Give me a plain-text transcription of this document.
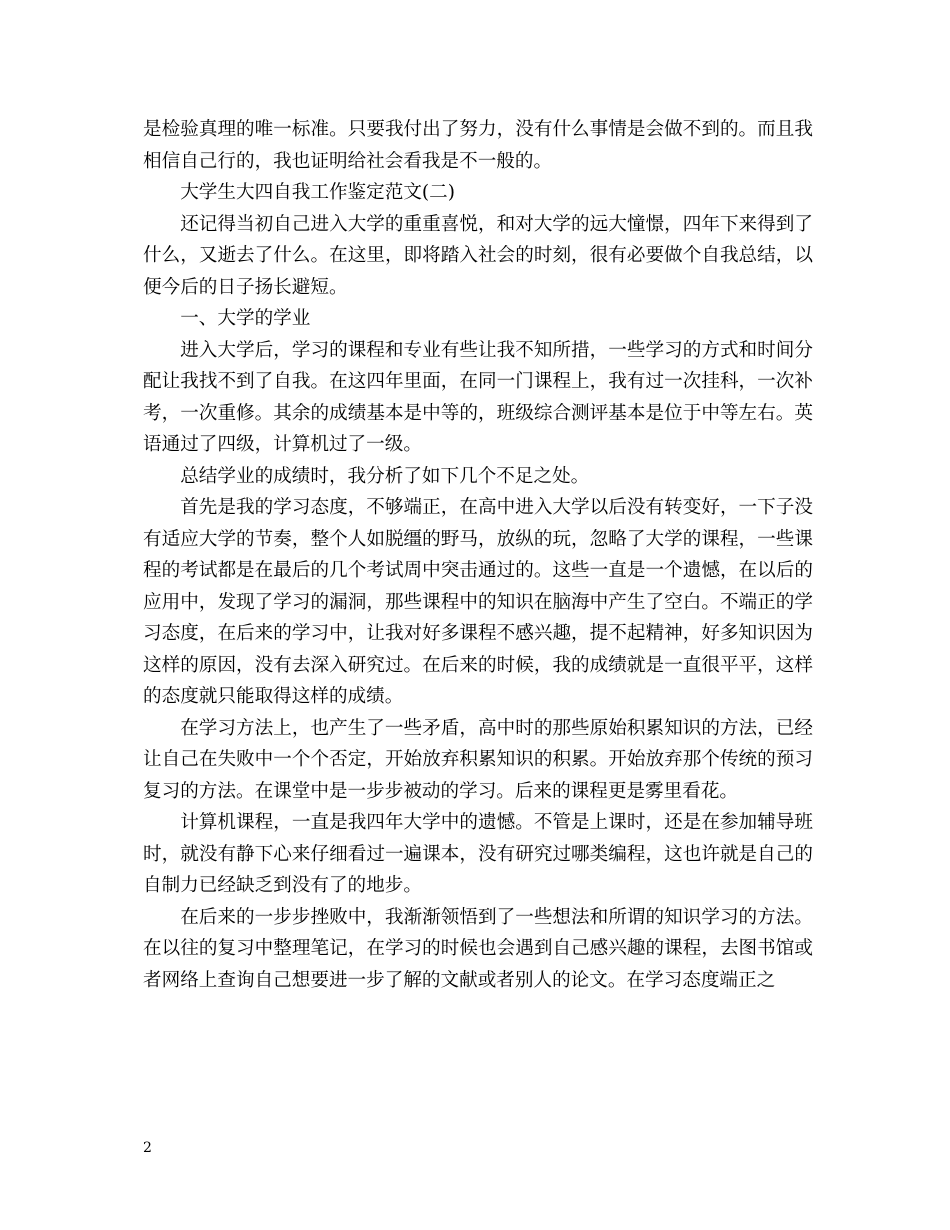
是检验真理的唯一标准。只要我付出了努力，没有什么事情是会做不到的。而且我相信自己行的，我也证明给社会看我是不一般的。

大学生大四自我工作鉴定范文(二)

还记得当初自己进入大学的重重喜悦，和对大学的远大憧憬，四年下来得到了什么，又逝去了什么。在这里，即将踏入社会的时刻，很有必要做个自我总结，以便今后的日子扬长避短。

一、大学的学业

进入大学后，学习的课程和专业有些让我不知所措，一些学习的方式和时间分配让我找不到了自我。在这四年里面，在同一门课程上，我有过一次挂科，一次补考，一次重修。其余的成绩基本是中等的，班级综合测评基本是位于中等左右。英语通过了四级，计算机过了一级。

总结学业的成绩时，我分析了如下几个不足之处。

首先是我的学习态度，不够端正，在高中进入大学以后没有转变好，一下子没有适应大学的节奏，整个人如脱缰的野马，放纵的玩，忽略了大学的课程，一些课程的考试都是在最后的几个考试周中突击通过的。这些一直是一个遗憾，在以后的应用中，发现了学习的漏洞，那些课程中的知识在脑海中产生了空白。不端正的学习态度，在后来的学习中，让我对好多课程不感兴趣，提不起精神，好多知识因为这样的原因，没有去深入研究过。在后来的时候，我的成绩就是一直很平平，这样的态度就只能取得这样的成绩。

在学习方法上，也产生了一些矛盾，高中时的那些原始积累知识的方法，已经让自己在失败中一个个否定，开始放弃积累知识的积累。开始放弃那个传统的预习复习的方法。在课堂中是一步步被动的学习。后来的课程更是雾里看花。

计算机课程，一直是我四年大学中的遗憾。不管是上课时，还是在参加辅导班时，就没有静下心来仔细看过一遍课本，没有研究过哪类编程，这也许就是自己的自制力已经缺乏到没有了的地步。

在后来的一步步挫败中，我渐渐领悟到了一些想法和所谓的知识学习的方法。在以往的复习中整理笔记，在学习的时候也会遇到自己感兴趣的课程，去图书馆或者网络上查询自己想要进一步了解的文献或者别人的论文。在学习态度端正之

2
